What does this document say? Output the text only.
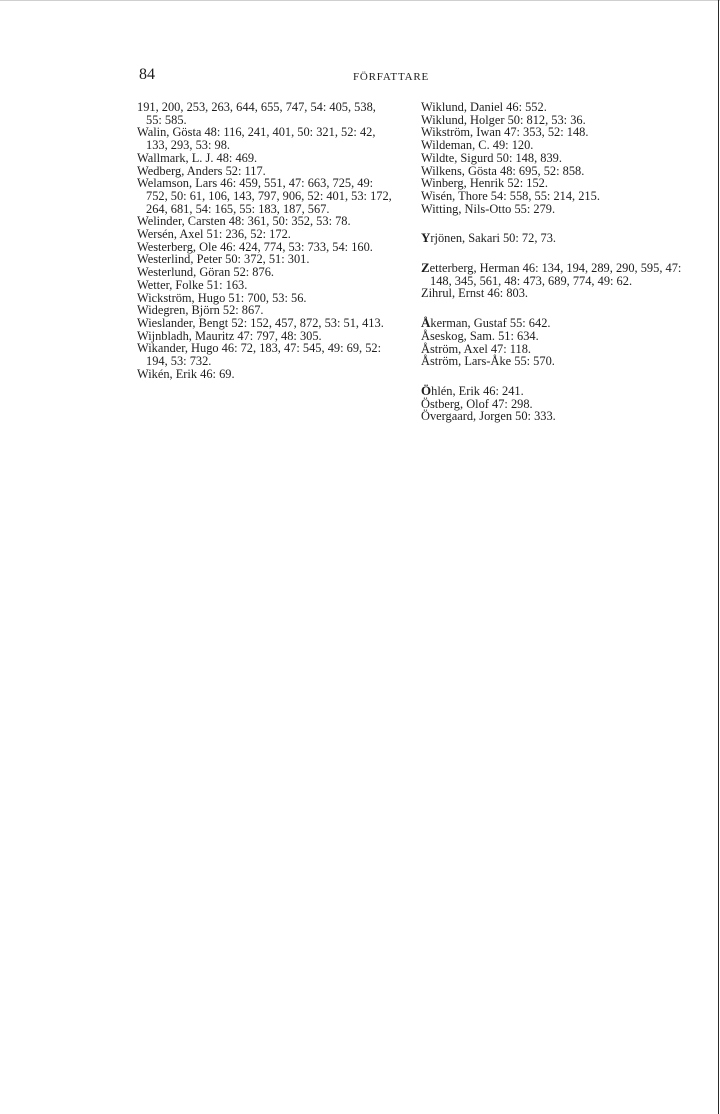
84	FÖRFATTARE

191, 200, 253, 263, 644, 655, 747, 54: 405, 538, 55: 585.

Walin, Gösta 48: 116, 241, 401, 50: 321, 52: 42, 133, 293, 53: 98.

Wallmark, L. J. 48: 469.

Wedberg, Anders 52: 117.

Welamson, Lars 46: 459, 551, 47: 663, 725, 49: 752, 50: 61, 106, 143, 797, 906, 52: 401, 53: 172, 264, 681, 54: 165, 55: 183, 187, 567.

Welinder, Carsten 48: 361, 50: 352, 53: 78.

Wersén, Axel 51: 236, 52: 172.

Westerberg, Ole 46: 424, 774, 53: 733, 54: 160.

Westerlind, Peter 50: 372, 51: 301.

Westerlund, Göran 52: 876.

Wetter, Folke 51: 163.

Wickström, Hugo 51: 700, 53: 56.

Widegren, Björn 52: 867.

Wieslander, Bengt 52: 152, 457, 872, 53: 51, 413.

Wijnbladh, Mauritz 47: 797, 48: 305.

Wikander, Hugo 46: 72, 183, 47: 545, 49: 69, 52: 194, 53: 732.

Wikén, Erik 46: 69.

Wiklund, Daniel 46: 552.

Wiklund, Holger 50: 812, 53: 36.

Wikström, Iwan 47: 353, 52: 148.

Wildeman, C. 49: 120.

Wildte, Sigurd 50: 148, 839.

Wilkens, Gösta 48: 695, 52: 858.

Winberg, Henrik 52: 152.

Wisén, Thore 54: 558, 55: 214, 215.

Witting, Nils-Otto 55: 279.

Yrjönen, Sakari 50: 72, 73.

Zetterberg, Herman 46: 134, 194, 289, 290, 595, 47: 148, 345, 561, 48: 473, 689, 774, 49: 62.

Zihrul, Ernst 46: 803.

Åkerman, Gustaf 55: 642.

Åseskog, Sam. 51: 634.

Åström, Axel 47: 118.

Åström, Lars-Åke 55: 570.

Öhlén, Erik 46: 241.

Östberg, Olof 47: 298.

Övergaard, Jorgen 50: 333.
